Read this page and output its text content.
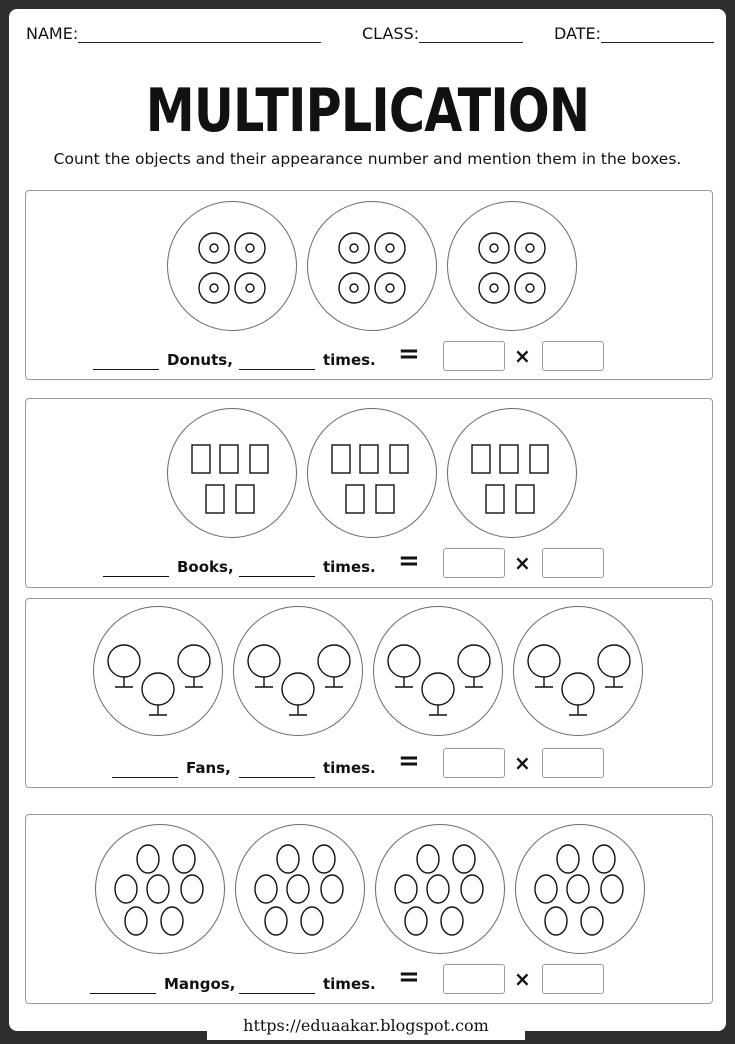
NAME:	CLASS:	DATE:
MULTIPLICATION
Count the objects and their appearance number and mention them in the boxes.
Donuts,	times. =	×
Books,	times. =	×
Fans,	times. =	×
Mangos,	times. =	×
https://eduaakar.blogspot.com
